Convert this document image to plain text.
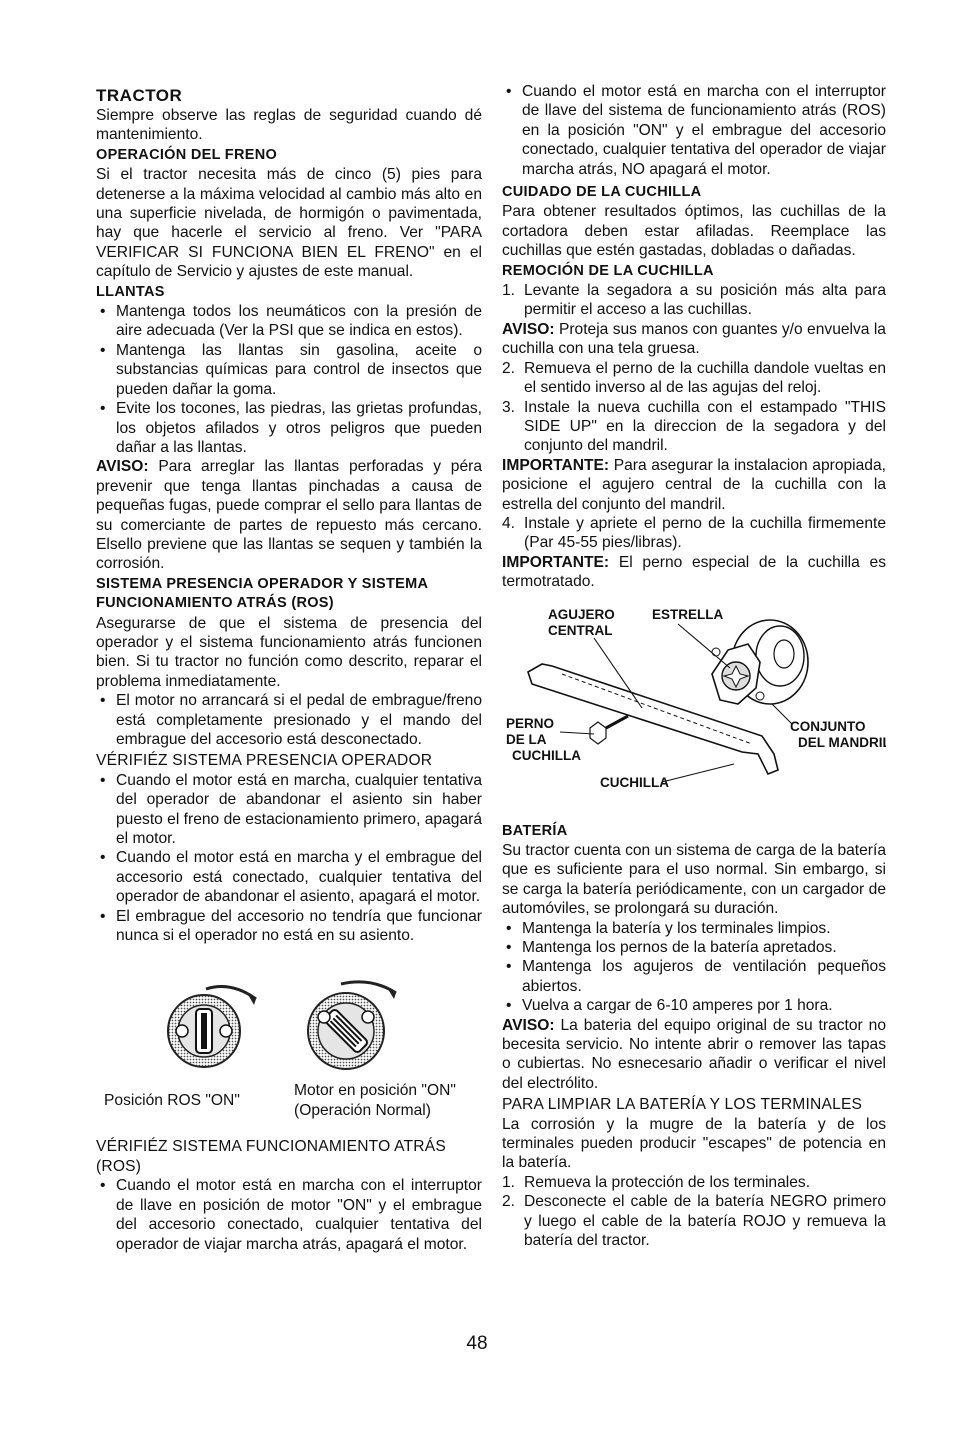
TRACTOR

Siempre observe las reglas de seguridad cuando dé mantenimiento.

OPERACIÓN DEL FRENO

Si el tractor necesita más de cinco (5) pies para detenerse a la máxima velocidad al cambio más alto en una superficie nivelada, de hormigón o pavimentada, hay que hacerle el servicio al freno. Ver "PARA VERIFICAR SI FUNCIONA BIEN EL FRENO" en el capítulo de Servicio y ajustes de este manual.

LLANTAS

• Mantenga todos los neumáticos con la presión de aire adecuada (Ver la PSI que se indica en estos).

• Mantenga las llantas sin gasolina, aceite o substancias químicas para control de insectos que pueden dañar la goma.

• Evite los tocones, las piedras, las grietas profundas, los objetos afilados y otros peligros que pueden dañar a las llantas.

AVISO: Para arreglar las llantas perforadas y péra prevenir que tenga llantas pinchadas a causa de pequeñas fugas, puede comprar el sello para llantas de su comerciante de partes de repuesto más cercano. Elsello previene que las llantas se sequen y también la corrosión.

SISTEMA PRESENCIA OPERADOR Y SISTEMA FUNCIONAMIENTO ATRÁS (ROS)

Asegurarse de que el sistema de presencia del operador y el sistema funcionamiento atrás funcionen bien. Si tu tractor no función como descrito, reparar el problema inmediatamente.

• El motor no arrancará si el pedal de embrague/freno está completamente presionado y el mando del embrague del accesorio está desconectado.

VÉRIFIÉZ SISTEMA PRESENCIA OPERADOR

• Cuando el motor está en marcha, cualquier tentativa del operador de abandonar el asiento sin haber puesto el freno de estacionamiento primero, apagará el motor.

• Cuando el motor está en marcha y el embrague del accesorio está conectado, cualquier tentativa del operador de abandonar el asiento, apagará el motor.

• El embrague del accesorio no tendría que funcionar nunca si el operador no está en su asiento.

Posición ROS "ON"

Motor en posición "ON"

(Operación Normal)

VÉRIFIÉZ SISTEMA FUNCIONAMIENTO ATRÁS (ROS)

• Cuando el motor está en marcha con el interruptor de llave en posición de motor "ON" y el embrague del accesorio conectado, cualquier tentativa del operador de viajar marcha atrás, apagará el motor.

• Cuando el motor está en marcha con el interruptor de llave del sistema de funcionamiento atrás (ROS) en la posición "ON" y el embrague del accesorio conectado, cualquier tentativa del operador de viajar marcha atrás, NO apagará el motor.

CUIDADO DE LA CUCHILLA

Para obtener resultados óptimos, las cuchillas de la cortadora deben estar afiladas. Reemplace las cuchillas que estén gastadas, dobladas o dañadas.

REMOCIÓN DE LA CUCHILLA

1. Levante la segadora a su posición más alta para permitir el acceso a las cuchillas.

AVISO: Proteja sus manos con guantes y/o envuelva la cuchilla con una tela gruesa.

2. Remueva el perno de la cuchilla dandole vueltas en el sentido inverso al de las agujas del reloj.

3. Instale la nueva cuchilla con el estampado "THIS SIDE UP" en la direccion de la segadora y del conjunto del mandril.

IMPORTANTE: Para asegurar la instalacion apropiada, posicione el agujero central de la cuchilla con la estrella del conjunto del mandril.

4. Instale y apriete el perno de la cuchilla firmemente (Par 45-55 pies/libras).

IMPORTANTE: El perno especial de la cuchilla es termotratado.

AGUJERO
CENTRAL
ESTRELLA
PERNO
DE LA
CUCHILLA
CONJUNTO
DEL MANDRIL
CUCHILLA

BATERÍA

Su tractor cuenta con un sistema de carga de la batería que es suficiente para el uso normal. Sin embargo, si se carga la batería periódicamente, con un cargador de automóviles, se prolongará su duración.

• Mantenga la batería y los terminales limpios.

• Mantenga los pernos de la batería apretados.

• Mantenga los agujeros de ventilación pequeños abiertos.

• Vuelva a cargar de 6-10 amperes por 1 hora.

AVISO: La bateria del equipo original de su tractor no becesita servicio. No intente abrir o remover las tapas o cubiertas. No esnecesario añadir o verificar el nivel del electrólito.

PARA LIMPIAR LA BATERÍA Y LOS TERMINALES

La corrosión y la mugre de la batería y de los terminales pueden producir "escapes" de potencia en la batería.

1. Remueva la protección de los terminales.

2. Desconecte el cable de la batería NEGRO primero y luego el cable de la batería ROJO y remueva la batería del tractor.

48
